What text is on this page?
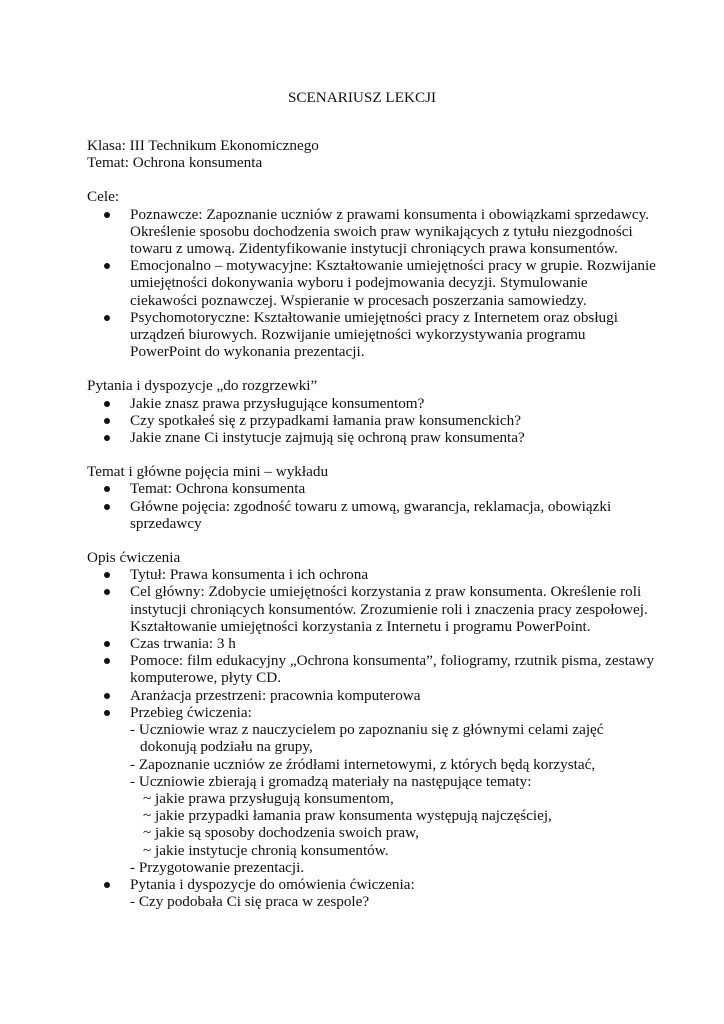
SCENARIUSZ LEKCJI
Klasa: III Technikum Ekonomicznego
Temat: Ochrona konsumenta
Cele:
Poznawcze: Zapoznanie uczniów z prawami konsumenta i obowiązkami sprzedawcy.
Określenie sposobu dochodzenia swoich praw wynikających z tytułu niezgodności
towaru z umową. Zidentyfikowanie instytucji chroniących prawa konsumentów.
Emocjonalno – motywacyjne: Kształtowanie umiejętności pracy w grupie. Rozwijanie
umiejętności dokonywania wyboru i podejmowania decyzji. Stymulowanie
ciekawości poznawczej. Wspieranie w procesach poszerzania samowiedzy.
Psychomotoryczne: Kształtowanie umiejętności pracy z Internetem oraz obsługi
urządzeń biurowych. Rozwijanie umiejętności wykorzystywania programu
PowerPoint do wykonania prezentacji.
Pytania i dyspozycje „do rozgrzewki”
Jakie znasz prawa przysługujące konsumentom?
Czy spotkałeś się z przypadkami łamania praw konsumenckich?
Jakie znane Ci instytucje zajmują się ochroną praw konsumenta?
Temat i główne pojęcia mini – wykładu
Temat: Ochrona konsumenta
Główne pojęcia: zgodność towaru z umową, gwarancja, reklamacja, obowiązki
sprzedawcy
Opis ćwiczenia
Tytuł: Prawa konsumenta i ich ochrona
Cel główny: Zdobycie umiejętności korzystania z praw konsumenta. Określenie roli
instytucji chroniących konsumentów. Zrozumienie roli i znaczenia pracy zespołowej.
Kształtowanie umiejętności korzystania z Internetu i programu PowerPoint.
Czas trwania: 3 h
Pomoce: film edukacyjny „Ochrona konsumenta”, foliogramy, rzutnik pisma, zestawy
komputerowe, płyty CD.
Aranżacja przestrzeni: pracownia komputerowa
Przebieg ćwiczenia:
- Uczniowie wraz z nauczycielem po zapoznaniu się z głównymi celami zajęć
dokonują podziału na grupy,
- Zapoznanie uczniów ze źródłami internetowymi, z których będą korzystać,
- Uczniowie zbierają i gromadzą materiały na następujące tematy:
~ jakie prawa przysługują konsumentom,
~ jakie przypadki łamania praw konsumenta występują najczęściej,
~ jakie są sposoby dochodzenia swoich praw,
~ jakie instytucje chronią konsumentów.
- Przygotowanie prezentacji.
Pytania i dyspozycje do omówienia ćwiczenia:
- Czy podobała Ci się praca w zespole?
